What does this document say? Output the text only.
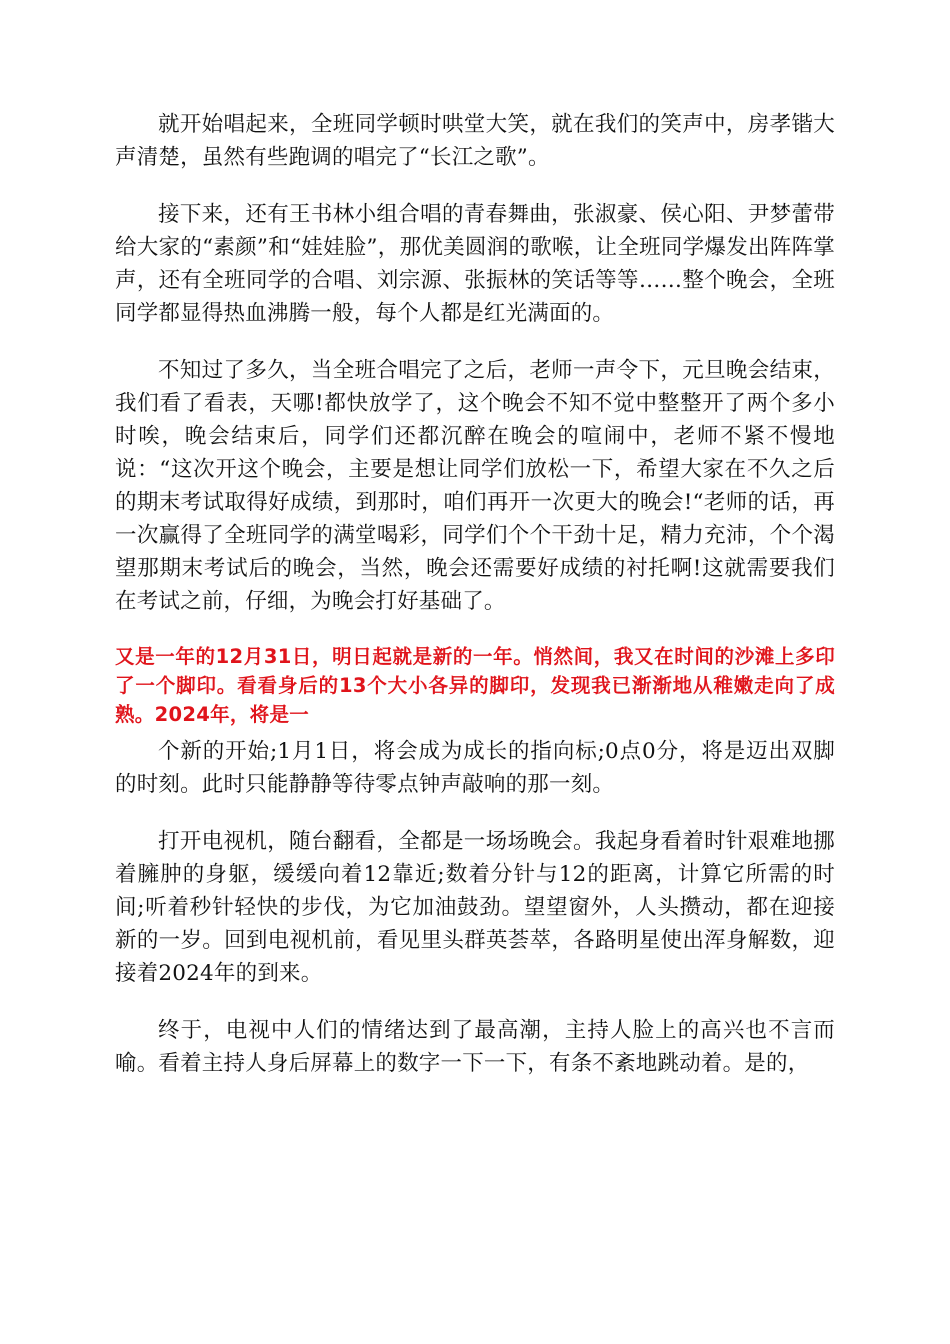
就开始唱起来，全班同学顿时哄堂大笑，就在我们的笑声中，房孝锴大声清楚，虽然有些跑调的唱完了“长江之歌”。

接下来，还有王书林小组合唱的青春舞曲，张淑豪、侯心阳、尹梦蕾带给大家的“素颜”和“娃娃脸”，那优美圆润的歌喉，让全班同学爆发出阵阵掌声，还有全班同学的合唱、刘宗源、张振林的笑话等等……整个晚会，全班同学都显得热血沸腾一般，每个人都是红光满面的。

不知过了多久，当全班合唱完了之后，老师一声令下，元旦晚会结束，我们看了看表，天哪!都快放学了，这个晚会不知不觉中整整开了两个多小时唉，晚会结束后，同学们还都沉醉在晚会的喧闹中，老师不紧不慢地说：“这次开这个晚会，主要是想让同学们放松一下，希望大家在不久之后的期末考试取得好成绩，到那时，咱们再开一次更大的晚会!“老师的话，再一次赢得了全班同学的满堂喝彩，同学们个个干劲十足，精力充沛，个个渴望那期末考试后的晚会，当然，晚会还需要好成绩的衬托啊!这就需要我们在考试之前，仔细，为晚会打好基础了。

又是一年的12月31日，明日起就是新的一年。悄然间，我又在时间的沙滩上多印了一个脚印。看看身后的13个大小各异的脚印，发现我已渐渐地从稚嫩走向了成熟。2024年，将是一

个新的开始;1月1日，将会成为成长的指向标;0点0分，将是迈出双脚的时刻。此时只能静静等待零点钟声敲响的那一刻。

打开电视机，随台翻看，全都是一场场晚会。我起身看着时针艰难地挪着臃肿的身躯，缓缓向着12靠近;数着分针与12的距离，计算它所需的时间;听着秒针轻快的步伐，为它加油鼓劲。望望窗外，人头攒动，都在迎接新的一岁。回到电视机前，看见里头群英荟萃，各路明星使出浑身解数，迎接着2024年的到来。

终于，电视中人们的情绪达到了最高潮，主持人脸上的高兴也不言而喻。看着主持人身后屏幕上的数字一下一下，有条不紊地跳动着。是的，
